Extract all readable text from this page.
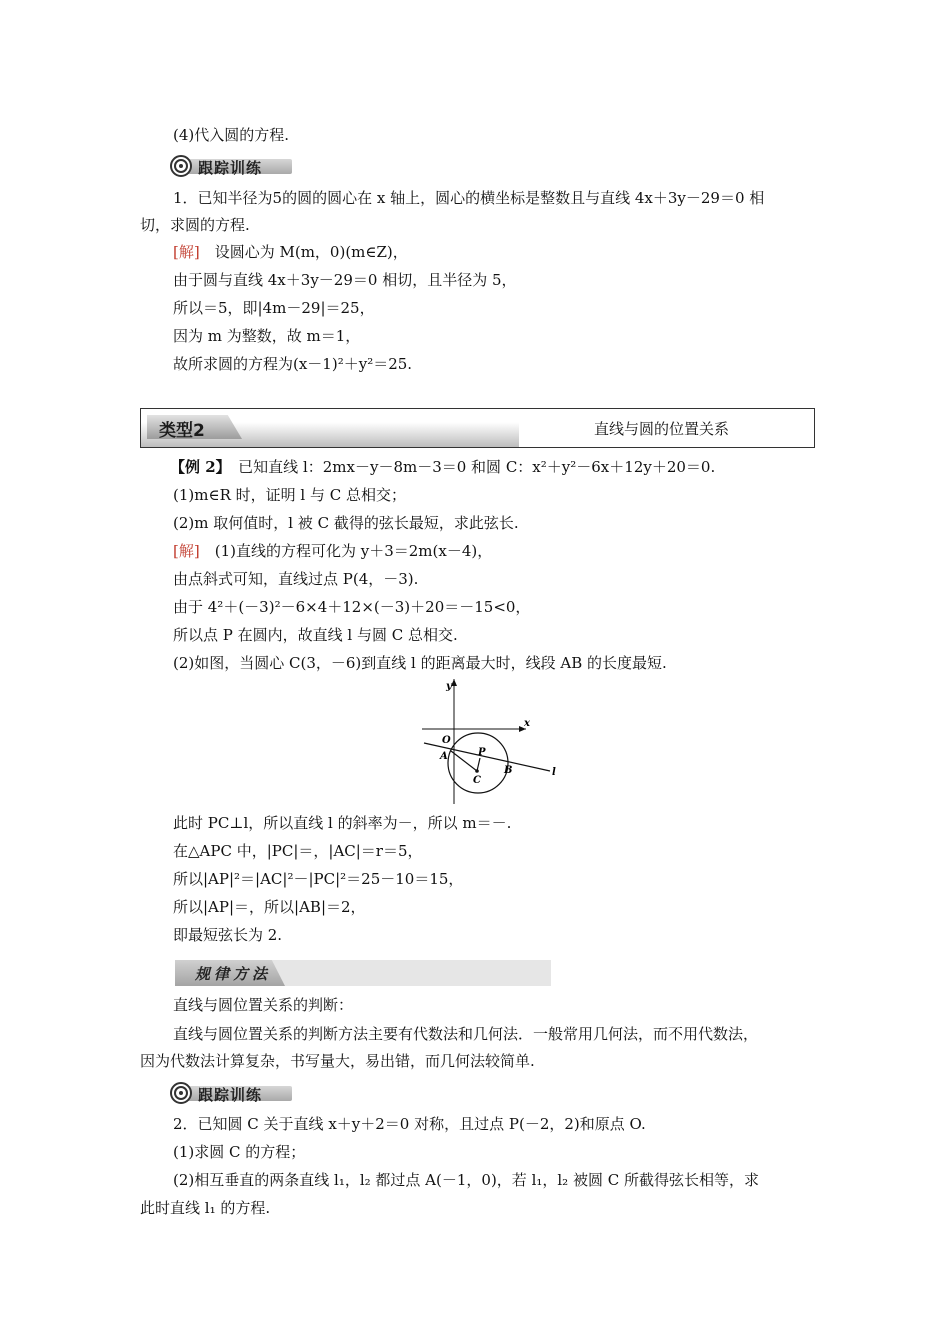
(4)代入圆的方程.
跟踪训练
1．已知半径为5的圆的圆心在 x 轴上，圆心的横坐标是整数且与直线 4x＋3y－29＝0 相
切，求圆的方程.
[解]　设圆心为 M(m，0)(m∈Z)，
由于圆与直线 4x＋3y－29＝0 相切，且半径为 5，
所以＝5，即|4m－29|＝25，
因为 m 为整数，故 m＝1，
故所求圆的方程为(x－1)²＋y²＝25.
类型2	直线与圆的位置关系
【例 2】　已知直线 l：2mx－y－8m－3＝0 和圆 C：x²＋y²－6x＋12y＋20＝0.
(1)m∈R 时，证明 l 与 C 总相交；
(2)m 取何值时，l 被 C 截得的弦长最短，求此弦长.
[解]　(1)直线的方程可化为 y＋3＝2m(x－4)，
由点斜式可知，直线过点 P(4，－3).
由于 4²＋(－3)²－6×4＋12×(－3)＋20＝－15<0，
所以点 P 在圆内，故直线 l 与圆 C 总相交.
(2)如图，当圆心 C(3，－6)到直线 l 的距离最大时，线段 AB 的长度最短.
y
x
O
P
A
C
B	l
此时 PC⊥l，所以直线 l 的斜率为－，所以 m＝－.
在△APC 中，|PC|＝，|AC|＝r＝5，
所以|AP|²＝|AC|²－|PC|²＝25－10＝15，
所以|AP|＝，所以|AB|＝2，
即最短弦长为 2.
规律方法
直线与圆位置关系的判断：
直线与圆位置关系的判断方法主要有代数法和几何法．一般常用几何法，而不用代数法，
因为代数法计算复杂，书写量大，易出错，而几何法较简单.
跟踪训练
2．已知圆 C 关于直线 x＋y＋2＝0 对称，且过点 P(－2，2)和原点 O.
(1)求圆 C 的方程；
(2)相互垂直的两条直线 l₁，l₂ 都过点 A(－1，0)，若 l₁，l₂ 被圆 C 所截得弦长相等，求
此时直线 l₁ 的方程.
